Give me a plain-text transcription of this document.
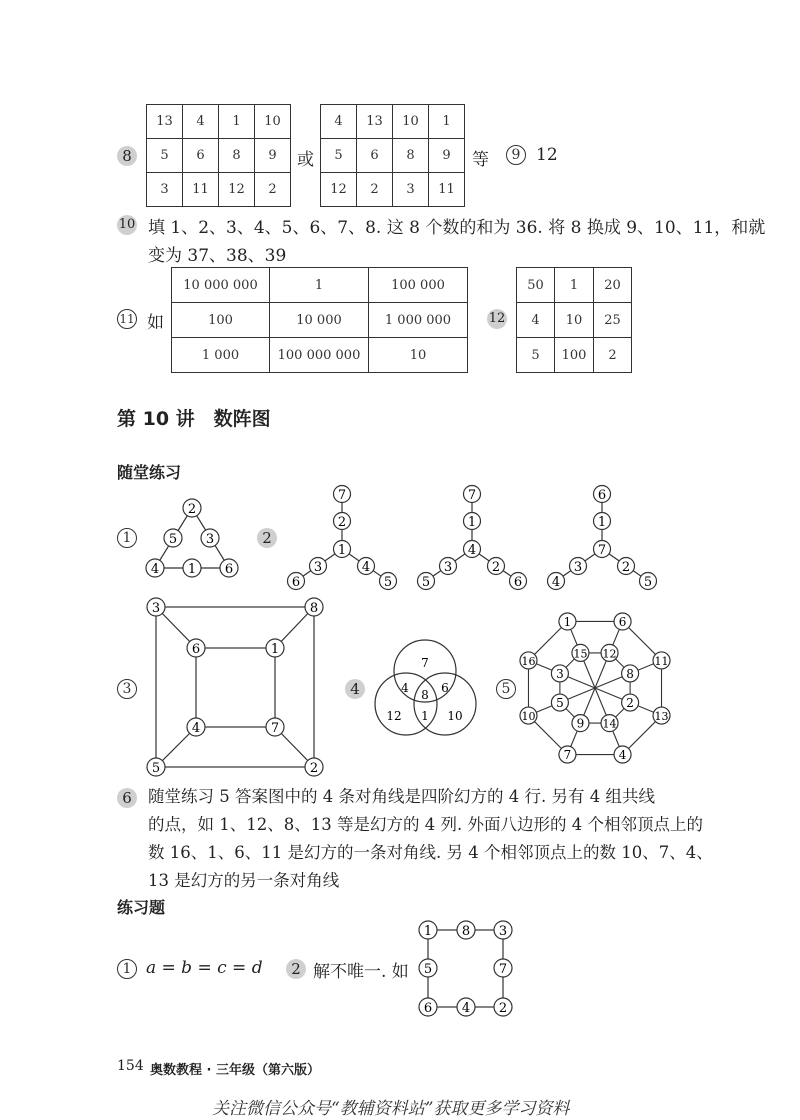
8
13	4	1	10
5	6	8	9
3	11	12	2
或
4	13	10	1
5	6	8	9
12	2	3	11
等	9 12
10 填 1、2、3、4、5、6、7、8. 这 8 个数的和为 36. 将 8 换成 9、10、11，和就
变为 37、38、39
11 如
10 000 000	1	100 000
100	10 000	1 000 000
1 000	100 000 000	10
12
50	1	20
4	10	25
5	100	2
第 10 讲　数阵图
随堂练习
1
2
5 3
4 1 6
2
7
2
1
3
6
4
5
7
1
4
3
5
2
6
6
1
7
3
4
2
5
3
3	8
5	2
6	1
4	7
4
7
4 8 6
12 1 10
5
1	6
11
13
4
7
10
16
15 12
8
2
14
9
5
3
6 随堂练习 5 答案图中的 4 条对角线是四阶幻方的 4 行. 另有 4 组共线
的点，如 1、12、8、13 等是幻方的 4 列. 外面八边形的 4 个相邻顶点上的
数 16、1、6、11 是幻方的一条对角线. 另 4 个相邻顶点上的数 10、7、4、
13 是幻方的另一条对角线
练习题
1 a = b = c = d	2 解不唯一. 如
1 8 3
5	7
6 4 2
154 奥数教程 · 三年级（第六版）
关注微信公众号“教辅资料站”获取更多学习资料
